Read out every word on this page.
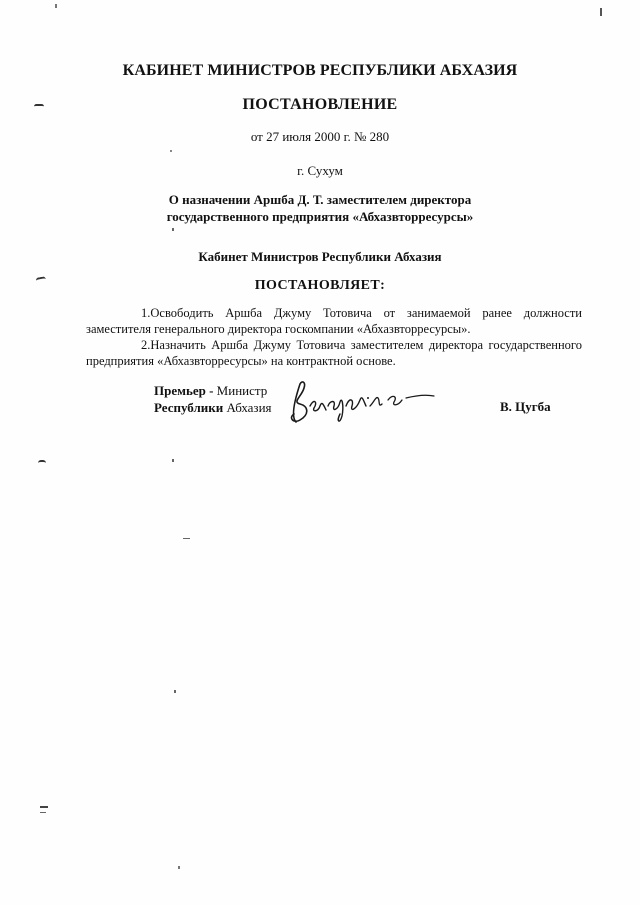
КАБИНЕТ МИНИСТРОВ РЕСПУБЛИКИ АБХАЗИЯ
ПОСТАНОВЛЕНИЕ
от 27 июля 2000 г. № 280
г. Сухум
О назначении Аршба Д. Т. заместителем директора
государственного предприятия «Абхазвторресурсы»
Кабинет Министров Республики Абхазия
ПОСТАНОВЛЯЕТ:

1.Освободить Аршба Джуму Тотовича от занимаемой ранее должности заместителя генерального директора госкомпании «Абхазвторресурсы».

2.Назначить Аршба Джуму Тотовича заместителем директора государственного предприятия «Абхазвторресурсы» на контрактной основе.

Премьер - Министр
Республики Абхазия	В. Цугба
